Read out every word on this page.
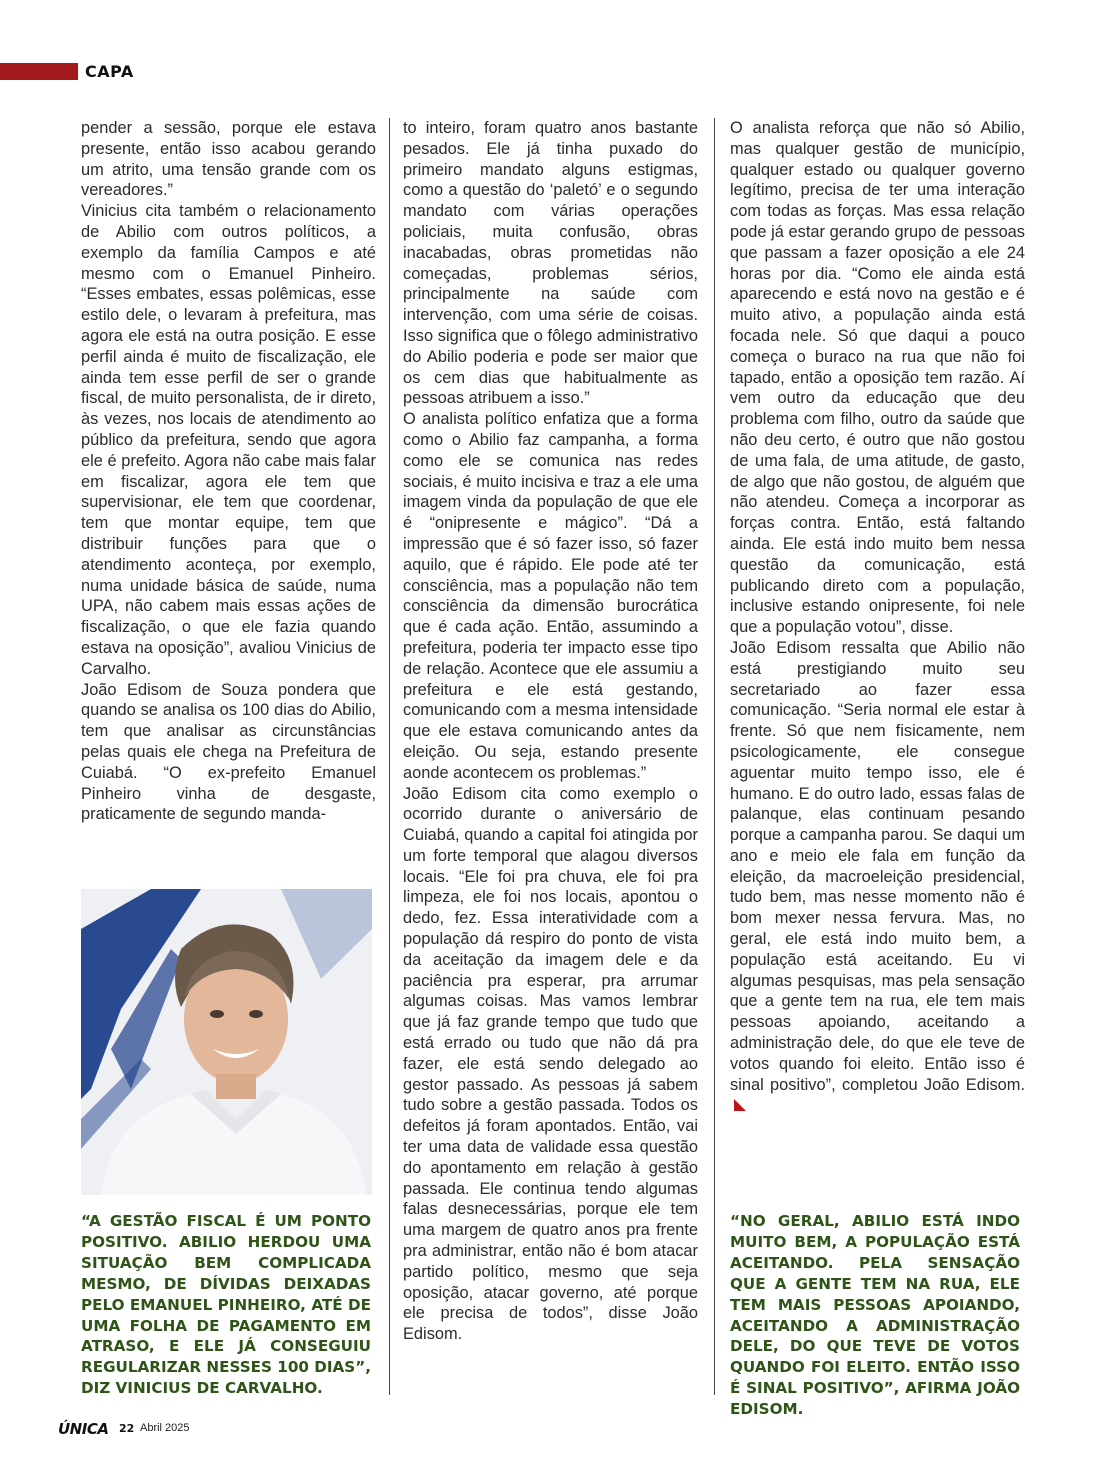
CAPA

pender a sessão, porque ele estava presente, então isso acabou gerando um atrito, uma tensão grande com os vereadores.”

Vinicius cita também o relacionamento de Abilio com outros políticos, a exemplo da família Campos e até mesmo com o Emanuel Pinheiro. “Esses embates, essas polêmicas, esse estilo dele, o levaram à prefeitura, mas agora ele está na outra posição. E esse perfil ainda é muito de fiscalização, ele ainda tem esse perfil de ser o grande fiscal, de muito personalista, de ir direto, às vezes, nos locais de atendimento ao público da prefeitura, sendo que agora ele é prefeito. Agora não cabe mais falar em fiscalizar, agora ele tem que supervisionar, ele tem que coordenar, tem que montar equipe, tem que distribuir funções para que o atendimento aconteça, por exemplo, numa unidade básica de saúde, numa UPA, não cabem mais essas ações de fiscalização, o que ele fazia quando estava na oposição”, avaliou Vinicius de Carvalho.

João Edisom de Souza pondera que quando se analisa os 100 dias do Abilio, tem que analisar as circunstâncias pelas quais ele chega na Prefeitura de Cuiabá. “O ex-prefeito Emanuel Pinheiro vinha de desgaste, praticamente de segundo manda-

to inteiro, foram quatro anos bastante pesados. Ele já tinha puxado do primeiro mandato alguns estigmas, como a questão do ‘paletó’ e o segundo mandato com várias operações policiais, muita confusão, obras inacabadas, obras prometidas não começadas, problemas sérios, principalmente na saúde com intervenção, com uma série de coisas. Isso significa que o fôlego administrativo do Abilio poderia e pode ser maior que os cem dias que habitualmente as pessoas atribuem a isso.”

O analista político enfatiza que a forma como o Abilio faz campanha, a forma como ele se comunica nas redes sociais, é muito incisiva e traz a ele uma imagem vinda da população de que ele é “onipresente e mágico”. “Dá a impressão que é só fazer isso, só fazer aquilo, que é rápido. Ele pode até ter consciência, mas a população não tem consciência da dimensão burocrática que é cada ação. Então, assumindo a prefeitura, poderia ter impacto esse tipo de relação. Acontece que ele assumiu a prefeitura e ele está gestando, comunicando com a mesma intensidade que ele estava comunicando antes da eleição. Ou seja, estando presente aonde acontecem os problemas.”

João Edisom cita como exemplo o ocorrido durante o aniversário de Cuiabá, quando a capital foi atingida por um forte temporal que alagou diversos locais. “Ele foi pra chuva, ele foi pra limpeza, ele foi nos locais, apontou o dedo, fez. Essa interatividade com a população dá respiro do ponto de vista da aceitação da imagem dele e da paciência pra esperar, pra arrumar algumas coisas. Mas vamos lembrar que já faz grande tempo que tudo que está errado ou tudo que não dá pra fazer, ele está sendo delegado ao gestor passado. As pessoas já sabem tudo sobre a gestão passada. Todos os defeitos já foram apontados. Então, vai ter uma data de validade essa questão do apontamento em relação à gestão passada. Ele continua tendo algumas falas desnecessárias, porque ele tem uma margem de quatro anos pra frente pra administrar, então não é bom atacar partido político, mesmo que seja oposição, atacar governo, até porque ele precisa de todos”, disse João Edisom.

O analista reforça que não só Abilio, mas qualquer gestão de município, qualquer estado ou qualquer governo legítimo, precisa de ter uma interação com todas as forças. Mas essa relação pode já estar gerando grupo de pessoas que passam a fazer oposição a ele 24 horas por dia. “Como ele ainda está aparecendo e está novo na gestão e é muito ativo, a população ainda está focada nele. Só que daqui a pouco começa o buraco na rua que não foi tapado, então a oposição tem razão. Aí vem outro da educação que deu problema com filho, outro da saúde que não deu certo, é outro que não gostou de uma fala, de uma atitude, de gasto, de algo que não gostou, de alguém que não atendeu. Começa a incorporar as forças contra. Então, está faltando ainda. Ele está indo muito bem nessa questão da comunicação, está publicando direto com a população, inclusive estando onipresente, foi nele que a população votou”, disse.

João Edisom ressalta que Abilio não está prestigiando muito seu secretariado ao fazer essa comunicação. “Seria normal ele estar à frente. Só que nem fisicamente, nem psicologicamente, ele consegue aguentar muito tempo isso, ele é humano. E do outro lado, essas falas de palanque, elas continuam pesando porque a campanha parou. Se daqui um ano e meio ele fala em função da eleição, da macroeleição presidencial, tudo bem, mas nesse momento não é bom mexer nessa fervura. Mas, no geral, ele está indo muito bem, a população está aceitando. Eu vi algumas pesquisas, mas pela sensação que a gente tem na rua, ele tem mais pessoas apoiando, aceitando a administração dele, do que ele teve de votos quando foi eleito. Então isso é sinal positivo”, completou João Edisom.

“A GESTÃO FISCAL É UM PONTO POSITIVO. ABILIO HERDOU UMA SITUAÇÃO BEM COMPLICADA MESMO, DE DÍVIDAS DEIXADAS PELO EMANUEL PINHEIRO, ATÉ DE UMA FOLHA DE PAGAMENTO EM ATRASO, E ELE JÁ CONSEGUIU REGULARIZAR NESSES 100 DIAS”, DIZ VINICIUS DE CARVALHO.
“NO GERAL, ABILIO ESTÁ INDO MUITO BEM, A POPULAÇÃO ESTÁ ACEITANDO. PELA SENSAÇÃO QUE A GENTE TEM NA RUA, ELE TEM MAIS PESSOAS APOIANDO, ACEITANDO A ADMINISTRAÇÃO DELE, DO QUE TEVE DE VOTOS QUANDO FOI ELEITO. ENTÃO ISSO É SINAL POSITIVO”, AFIRMA JOÃO EDISOM.
ÚNICA 22 Abril 2025
